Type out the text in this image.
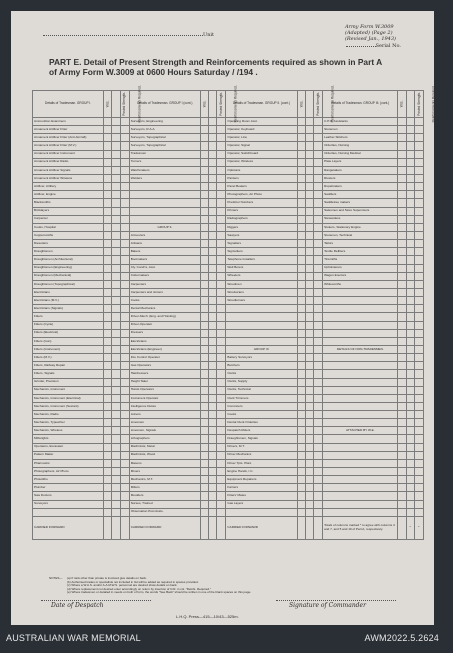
Unit
Army Form W.3009
(Adapted) (Page 2)
(Revised Jan., 1943)
Serial No.
PART E. Detail of Present Strength and Reinforcements required as shown in Part A of Army Form W.3009 at 0600 Hours Saturday / /194 .
Details of Tradesman. GROUP I.	W.E.	Posted Strength.	Reinforcements Required.	Details of Tradesman. GROUP I (cont.)	W.E.	Posted Strength.	Reinforcements Required.	Details of Tradesman. GROUP II. (cont.)	W.E.	Posted Strength.	Reinforcements Required.	Details of Tradesman. GROUP III. (cont.)	W.E.	Posted Strength.	Reinforcements Required.
Ammunition Examiners				Surveyors, Engineering				Operating Room Asst.				C.P.O. Assistants			
Armament Artificer Fitter				Surveyors, R.A.A.				Operator, Keyboard				Storemen			
Armament Artificer Fitter (Anti-Aircraft)				Surveyors, Topographical				Operator, Line				Leather Stitchers			
Armament Artificer Fitter (M.V.)				Surveyors, Topographical				Operator, Signal				Orderlies, Nursing			
Armament Artificer Instrument				Tradesmen				Operator, Switchboard				Orderlies, Nursing Medical			
Armament Artificer Radio				Turners				Operator, Wireless				Plate Layers			
Armament Artificer Signals				Watchmakers				Opticians				Rangetakers			
Armament Artificer Wireless				Welders				Painters				Riveters			
Artificer, Artillery								Panel Beaters				Ropebrakers			
Artificer, Engine								Photographers, Air Photo				Saddlers			
Blacksmiths								Predictor Numbers				Saddletree makers			
Bricklayers								Printers				Salesmen and Store Supervisors			
Carpenter								Radiographers				Stewardess			
Cooks, Hospital				GROUP II.				Riggers				Stokers, Stationary Engine			
Coppersmiths				Armourers				Sawyers				Storemen, Technical			
Diesetters				Artisans				Signallers				Tailors			
Draughtsmen				Bakers				Signwriters				Textile Refitters			
Draughtsmen (Architectural)				Bootmakers				Telephone Installers				Tinsmiths			
Draughtsmen (Engineering)				Cly. Cond'rs, Asst.				Well Borers				Upholsterers			
Draughtsmen (Mechanical)				Coltermakers				Wheelers				Wagon Erectors			
Draughtsmen (Topographical)				Carpenters				Woodmen				Whitesmiths			
Electricians				Carpenters and Joiners				Woolsorters							
Electricians (M.V.)				Cooks				Woodturners							
Electricians (Signals)				Dental Mechanics											
Fitters				Driver-Mech. (Eng. and Hoisting)											
Fitters (Cycle)				Driver-Operator											
Fitters (Electrical)				Dressers											
Fitters (Gun)				Electricians											
Fitters (Instrument)				Electricians (Engineer)				GROUP III.				DETAILS OF NON-TRADESMEN.			
Fitters (M.V.)				Fire Control Operator				Battery Surveyors							
Fitters, Railway Repair				Gas Operators				Butchers							
Fitters, Signals				Hairdressers				Clerks							
Grinder, Precision				Height Taker				Clerks, Supply							
Mechanics, Instrument				Hoists Operators				Clerks, Technical							
Mechanics, Instrument (Electrical)				Instrument Operator				Clerk Trimmers							
Mechanics, Instrument (Sextant)				Intelligence Duties				Concreters							
Mechanics, Radio				Joiners				Cooks							
Mechanics, Typewriter				Linesmen				Dental Clerk Orderlies							
Mechanics, Wireless				Linesmen, Signals				Despatch Riders				ATTACHED BY W.E.			
Millwrights				Lithographers				Draughtsmen, Signals							
Operators, Excavator				Machinists, Metal				Drivers, M.T.							
Pattern Maker				Machinists, Wood				Driver Mechanics							
Pharmacist				Masons				Driver Tpts. Plant							
Photographers, Air Photo				Miners				Engine Hands, I.C.							
Photolitho				Mechanics, M.T.				Equipment Repairers							
Plumber				Millers				Farriers							
Saw Doctors				Moulders				Fitters' Mates							
Surveyors				Nurses, Trained				Gas Layers							
				Observation Post Assts.											
CARRIED FORWARD				CARRIED FORWARD				CARRIED FORWARD				Totals of columns marked * to agree with columns 4 and 7, and 5 and 10 of Part A, respectively.		*	*
NOTES— (a) If rank other than private is involved give details on back.
(b) Authorised trades or specialists not included in list will be added as required in spaces provided.
(c) Where a W.A.S. and/or A.A.M.W.S. personnel are desired show details on back.
(d) Where replacement not desired enter accordingly on return by insertion of N.R. in col. "Reinfs. Required."
(e) Where tradesmen or detailed in needs on both of form, the words "See Back" should be written in one of the blank spaces on this page.
Date of Despatch	Signature of Commander
L.H.Q. Press—415—10/43—525m.
AUSTRALIAN WAR MEMORIAL	AWM2022.5.2624
